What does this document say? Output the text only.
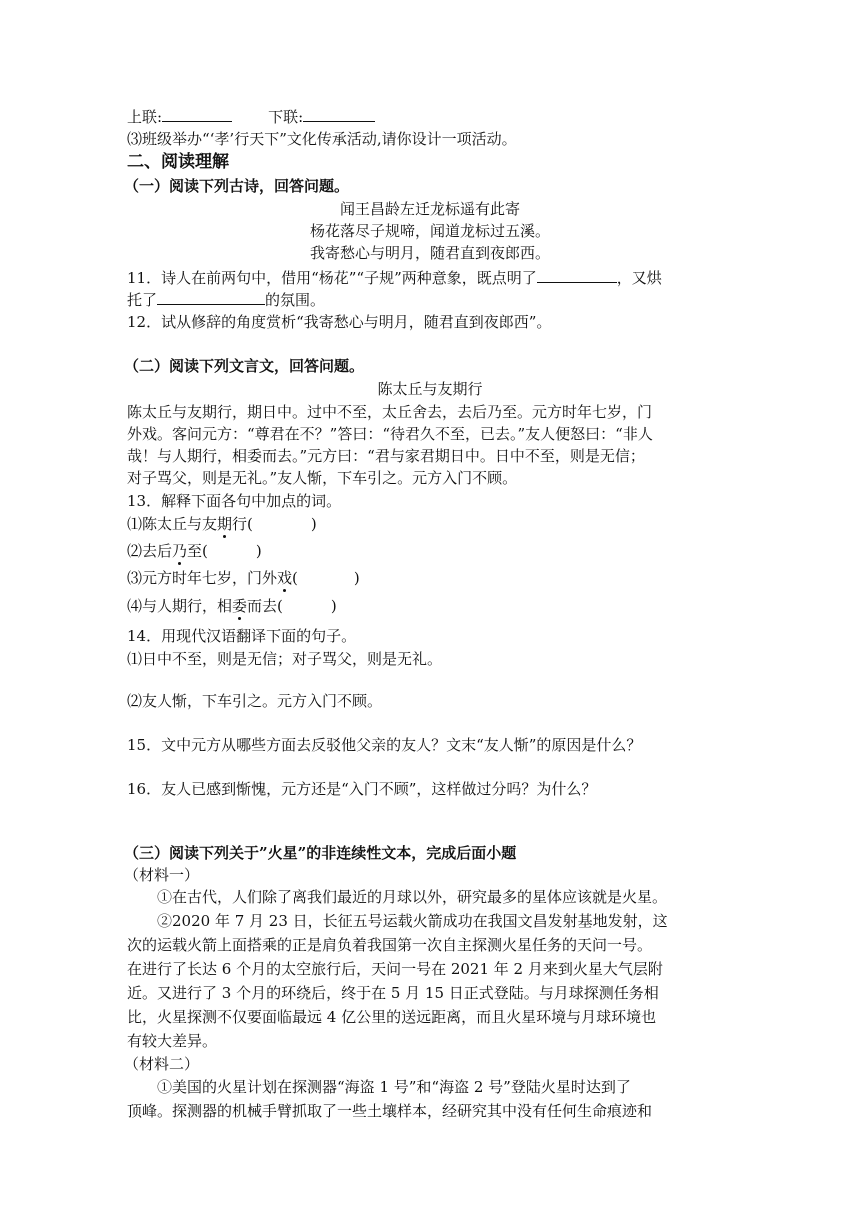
上联:	下联:
⑶班级举办“‘孝’行天下”文化传承活动,请你设计一项活动。
二、阅读理解
（一）阅读下列古诗，回答问题。
闻王昌龄左迁龙标遥有此寄
杨花落尽子规啼，闻道龙标过五溪。
我寄愁心与明月，随君直到夜郎西。
11．诗人在前两句中，借用“杨花”“子规”两种意象，既点明了	，又烘
托了	的氛围。
12．试从修辞的角度赏析“我寄愁心与明月，随君直到夜郎西”。
（二）阅读下列文言文，回答问题。
陈太丘与友期行
陈太丘与友期行，期日中。过中不至，太丘舍去，去后乃至。元方时年七岁，门
外戏。客问元方：“尊君在不？”答曰：“待君久不至，已去。”友人便怒曰：“非人
哉！与人期行，相委而去。”元方曰：“君与家君期日中。日中不至，则是无信；
对子骂父，则是无礼。”友人惭，下车引之。元方入门不顾。
13．解释下面各句中加点的词。
⑴陈太丘与友期行(	)
⑵去后乃至(	)
⑶元方时年七岁，门外戏(	)
⑷与人期行，相委而去(	)
14．用现代汉语翻译下面的句子。
⑴日中不至，则是无信；对子骂父，则是无礼。
⑵友人惭，下车引之。元方入门不顾。
15．文中元方从哪些方面去反驳他父亲的友人？文末“友人惭”的原因是什么？
16．友人已感到惭愧，元方还是“入门不顾”，这样做过分吗？为什么？
（三）阅读下列关于”火星”的非连续性文本，完成后面小题
（材料一）
①在古代，人们除了离我们最近的月球以外，研究最多的星体应该就是火星。
②2020 年 7 月 23 日，长征五号运载火箭成功在我国文昌发射基地发射，这
次的运载火箭上面搭乘的正是肩负着我国第一次自主探测火星任务的天问一号。
在进行了长达 6 个月的太空旅行后，天问一号在 2021 年 2 月来到火星大气层附
近。又进行了 3 个月的环绕后，终于在 5 月 15 日正式登陆。与月球探测任务相
比，火星探测不仅要面临最远 4 亿公里的送远距离，而且火星环境与月球环境也
有较大差异。
（材料二）
①美国的火星计划在探测器“海盗 1 号”和“海盗 2 号”登陆火星时达到了
顶峰。探测器的机械手臂抓取了一些土壤样本，经研究其中没有任何生命痕迹和
